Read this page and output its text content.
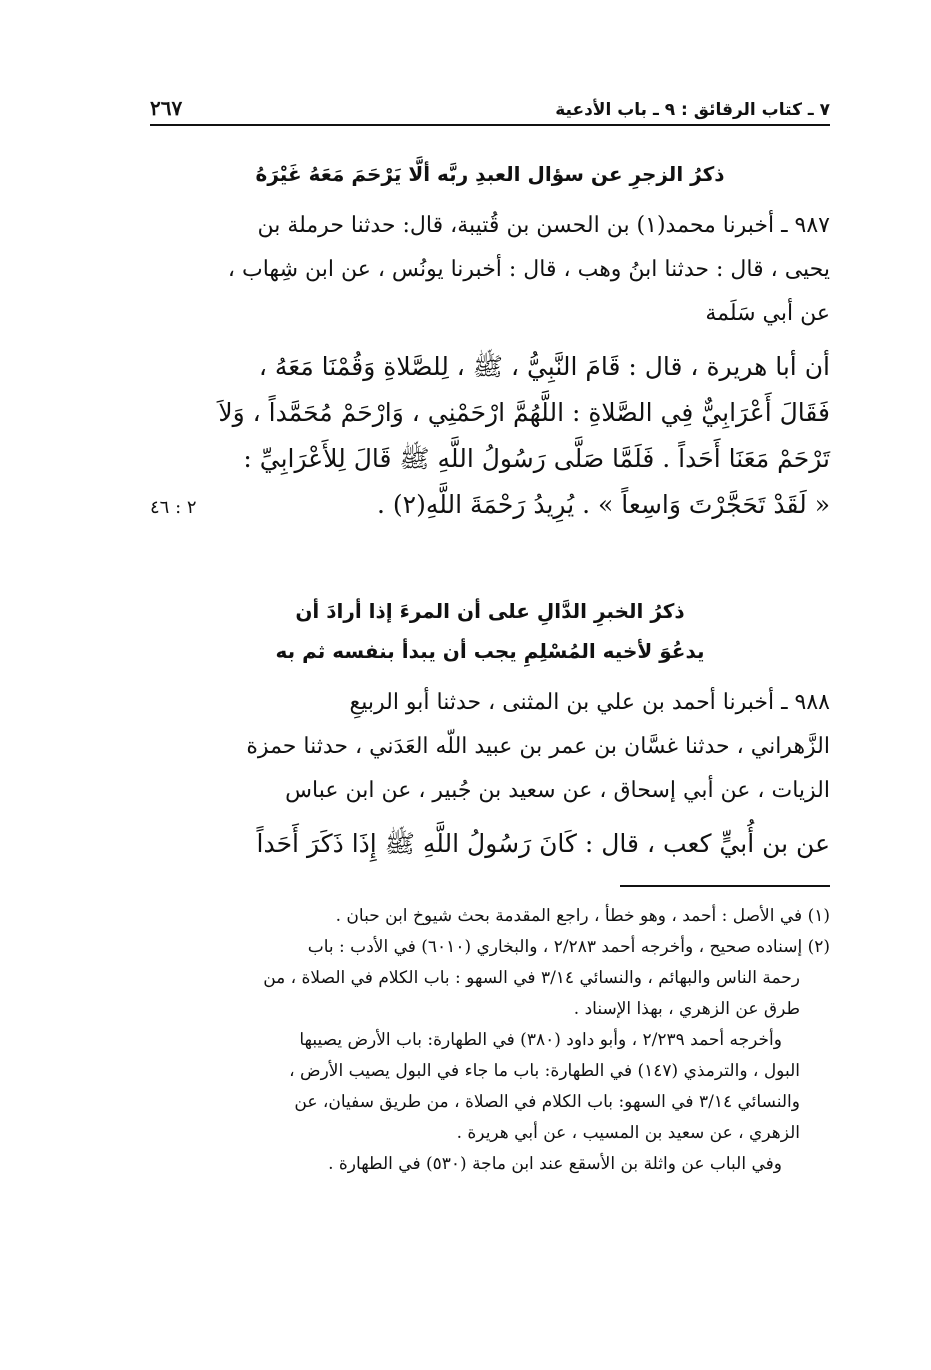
٧ ـ كتاب الرقائق : ٩ ـ باب الأدعية
٢٦٧
ذكرُ الزجرِ عن سؤال العبدِ ربَّه ألَّا يَرْحَمَ مَعَهُ غَيْرَهُ
٩٨٧ ـ أخبرنا محمد(١) بن الحسن بن قُتيبة، قال: حدثنا حرملة بن
يحيى ، قال : حدثنا ابنُ وهب ، قال : أخبرنا يونُس ، عن ابن شِهاب ،
عن أبي سَلَمة
أن أبا هريرة ، قال : قَامَ النَّبِيُّ ، ﷺ ، لِلصَّلاةِ وَقُمْنَا مَعَهُ ،
فَقَالَ أَعْرَابِيٌّ فِي الصَّلاةِ : اللَّهُمَّ ارْحَمْنِي ، وَارْحَمْ مُحَمَّداً ، وَلاَ
تَرْحَمْ مَعَنَا أَحَداً . فَلَمَّا صَلَّى رَسُولُ اللَّهِ ﷺ قَالَ لِلأَعْرَابِيِّ :
« لَقَدْ تَحَجَّرْتَ وَاسِعاً » . يُرِيدُ رَحْمَةَ اللَّهِ(٢) .
٢ : ٤٦
ذكرُ الخبرِ الدَّالِ على أن المرءَ إذا أرادَ أن
يدعُوَ لأخيه المُسْلِمِ يجب أن يبدأ بنفسه ثم به
٩٨٨ ـ أخبرنا أحمد بن علي بن المثنى ، حدثنا أبو الربيعِ
الزَّهراني ، حدثنا غسَّان بن عمر بن عبيد اللّه العَدَني ، حدثنا حمزة
الزيات ، عن أبي إسحاق ، عن سعيد بن جُبير ، عن ابن عباس
عن بن أُبيٍّ كعب ، قال : كَانَ رَسُولُ اللَّهِ ﷺ إِذَا ذَكَرَ أَحَداً

(١) في الأصل : أحمد ، وهو خطأ ، راجع المقدمة بحث شيوخ ابن حبان .

(٢) إسناده صحيح ، وأخرجه أحمد ٢/٢٨٣ ، والبخاري (٦٠١٠) في الأدب : باب

رحمة الناس والبهائم ، والنسائي ٣/١٤ في السهو : باب الكلام في الصلاة ، من

طرق عن الزهري ، بهذا الإسناد .

وأخرجه أحمد ٢/٢٣٩ ، وأبو داود (٣٨٠) في الطهارة: باب الأرض يصيبها

البول ، والترمذي (١٤٧) في الطهارة: باب ما جاء في البول يصيب الأرض ،

والنسائي ٣/١٤ في السهو: باب الكلام في الصلاة ، من طريق سفيان، عن

الزهري ، عن سعيد بن المسيب ، عن أبي هريرة .

وفي الباب عن واثلة بن الأسقع عند ابن ماجة (٥٣٠) في الطهارة .
